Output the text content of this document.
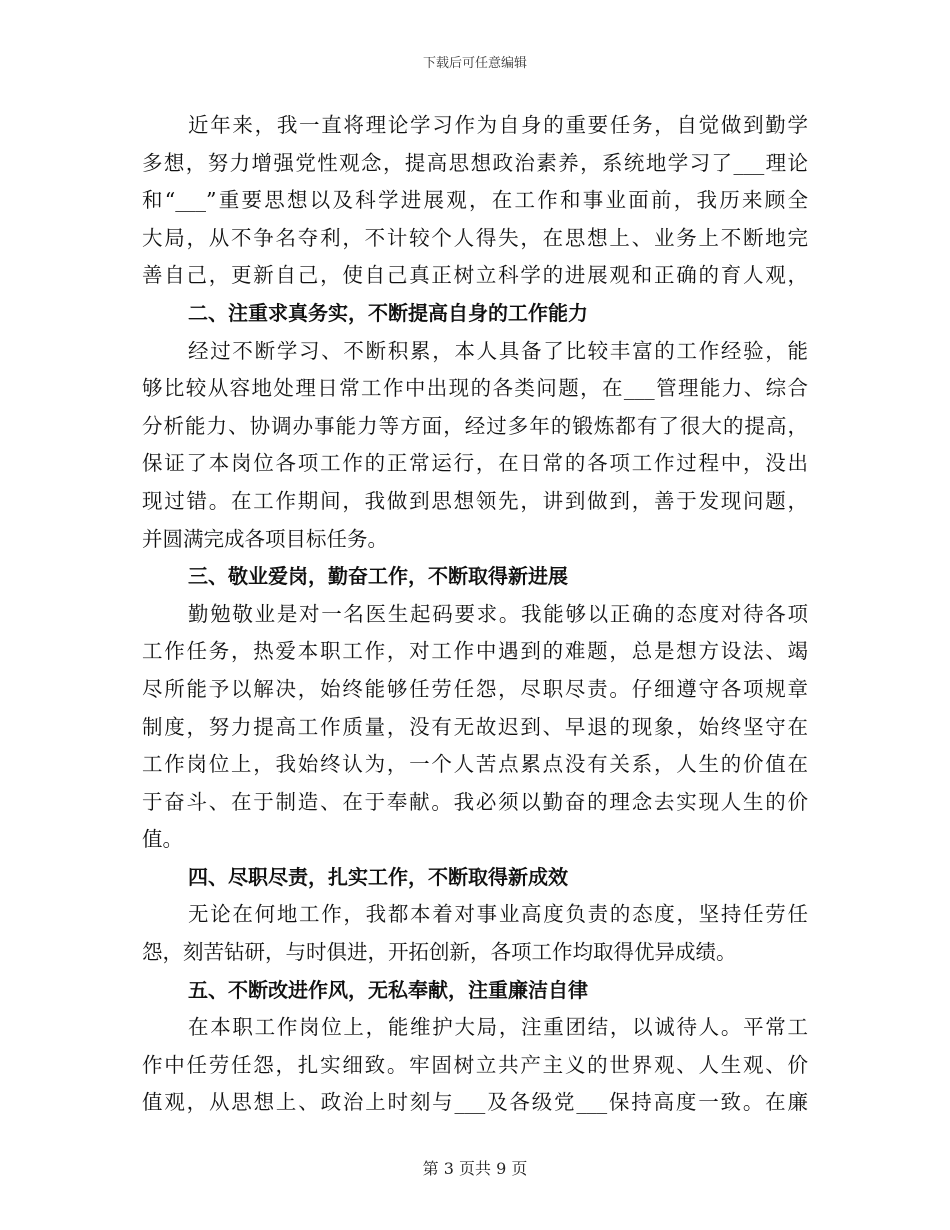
下载后可任意编辑
近年来，我一直将理论学习作为自身的重要任务，自觉做到勤学
多想，努力增强党性观念，提高思想政治素养，系统地学习了___理论
和“___”重要思想以及科学进展观，在工作和事业面前，我历来顾全
大局，从不争名夺利，不计较个人得失，在思想上、业务上不断地完
善自己，更新自己，使自己真正树立科学的进展观和正确的育人观，
二、注重求真务实，不断提高自身的工作能力
经过不断学习、不断积累，本人具备了比较丰富的工作经验，能
够比较从容地处理日常工作中出现的各类问题，在___管理能力、综合
分析能力、协调办事能力等方面，经过多年的锻炼都有了很大的提高，
保证了本岗位各项工作的正常运行，在日常的各项工作过程中，没出
现过错。在工作期间，我做到思想领先，讲到做到，善于发现问题，
并圆满完成各项目标任务。
三、敬业爱岗，勤奋工作，不断取得新进展
勤勉敬业是对一名医生起码要求。我能够以正确的态度对待各项
工作任务，热爱本职工作，对工作中遇到的难题，总是想方设法、竭
尽所能予以解决，始终能够任劳任怨，尽职尽责。仔细遵守各项规章
制度，努力提高工作质量，没有无故迟到、早退的现象，始终坚守在
工作岗位上，我始终认为，一个人苦点累点没有关系，人生的价值在
于奋斗、在于制造、在于奉献。我必须以勤奋的理念去实现人生的价
值。
四、尽职尽责，扎实工作，不断取得新成效
无论在何地工作，我都本着对事业高度负责的态度，坚持任劳任
怨，刻苦钻研，与时俱进，开拓创新，各项工作均取得优异成绩。
五、不断改进作风，无私奉献，注重廉洁自律
在本职工作岗位上，能维护大局，注重团结，以诚待人。平常工
作中任劳任怨，扎实细致。牢固树立共产主义的世界观、人生观、价
值观，从思想上、政治上时刻与___及各级党___保持高度一致。在廉
第 3 页共 9 页
